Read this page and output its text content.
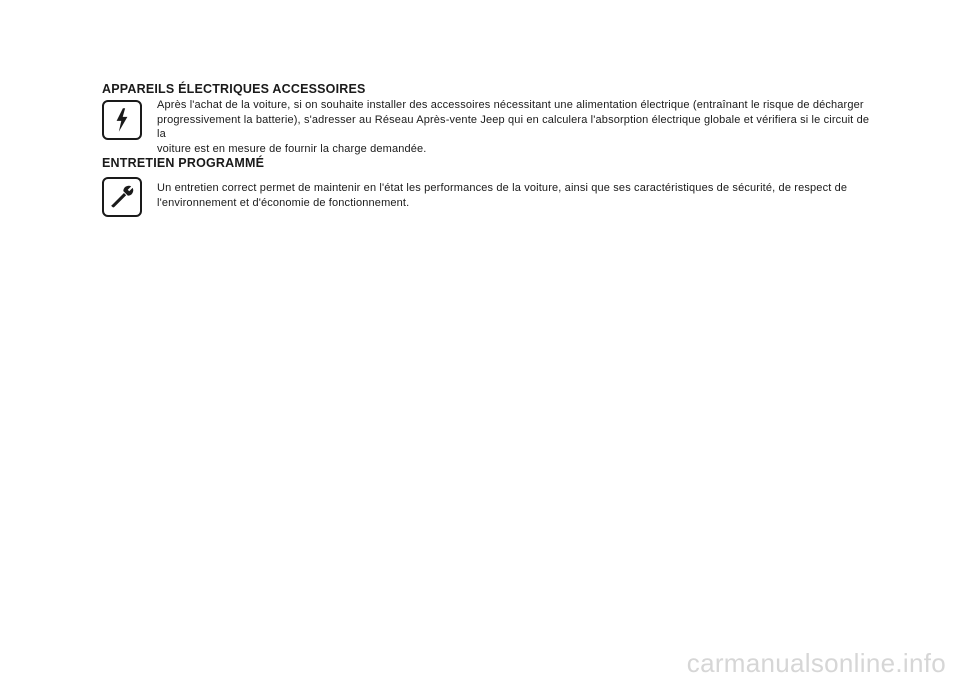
APPAREILS ÉLECTRIQUES ACCESSOIRES
Après l'achat de la voiture, si on souhaite installer des accessoires nécessitant une alimentation électrique (entraînant le risque de décharger
progressivement la batterie), s'adresser au Réseau Après-vente Jeep qui en calculera l'absorption électrique globale et vérifiera si le circuit de la
voiture est en mesure de fournir la charge demandée.
ENTRETIEN PROGRAMMÉ
Un entretien correct permet de maintenir en l'état les performances de la voiture, ainsi que ses caractéristiques de sécurité, de respect de
l'environnement et d'économie de fonctionnement.
carmanualsonline.info
